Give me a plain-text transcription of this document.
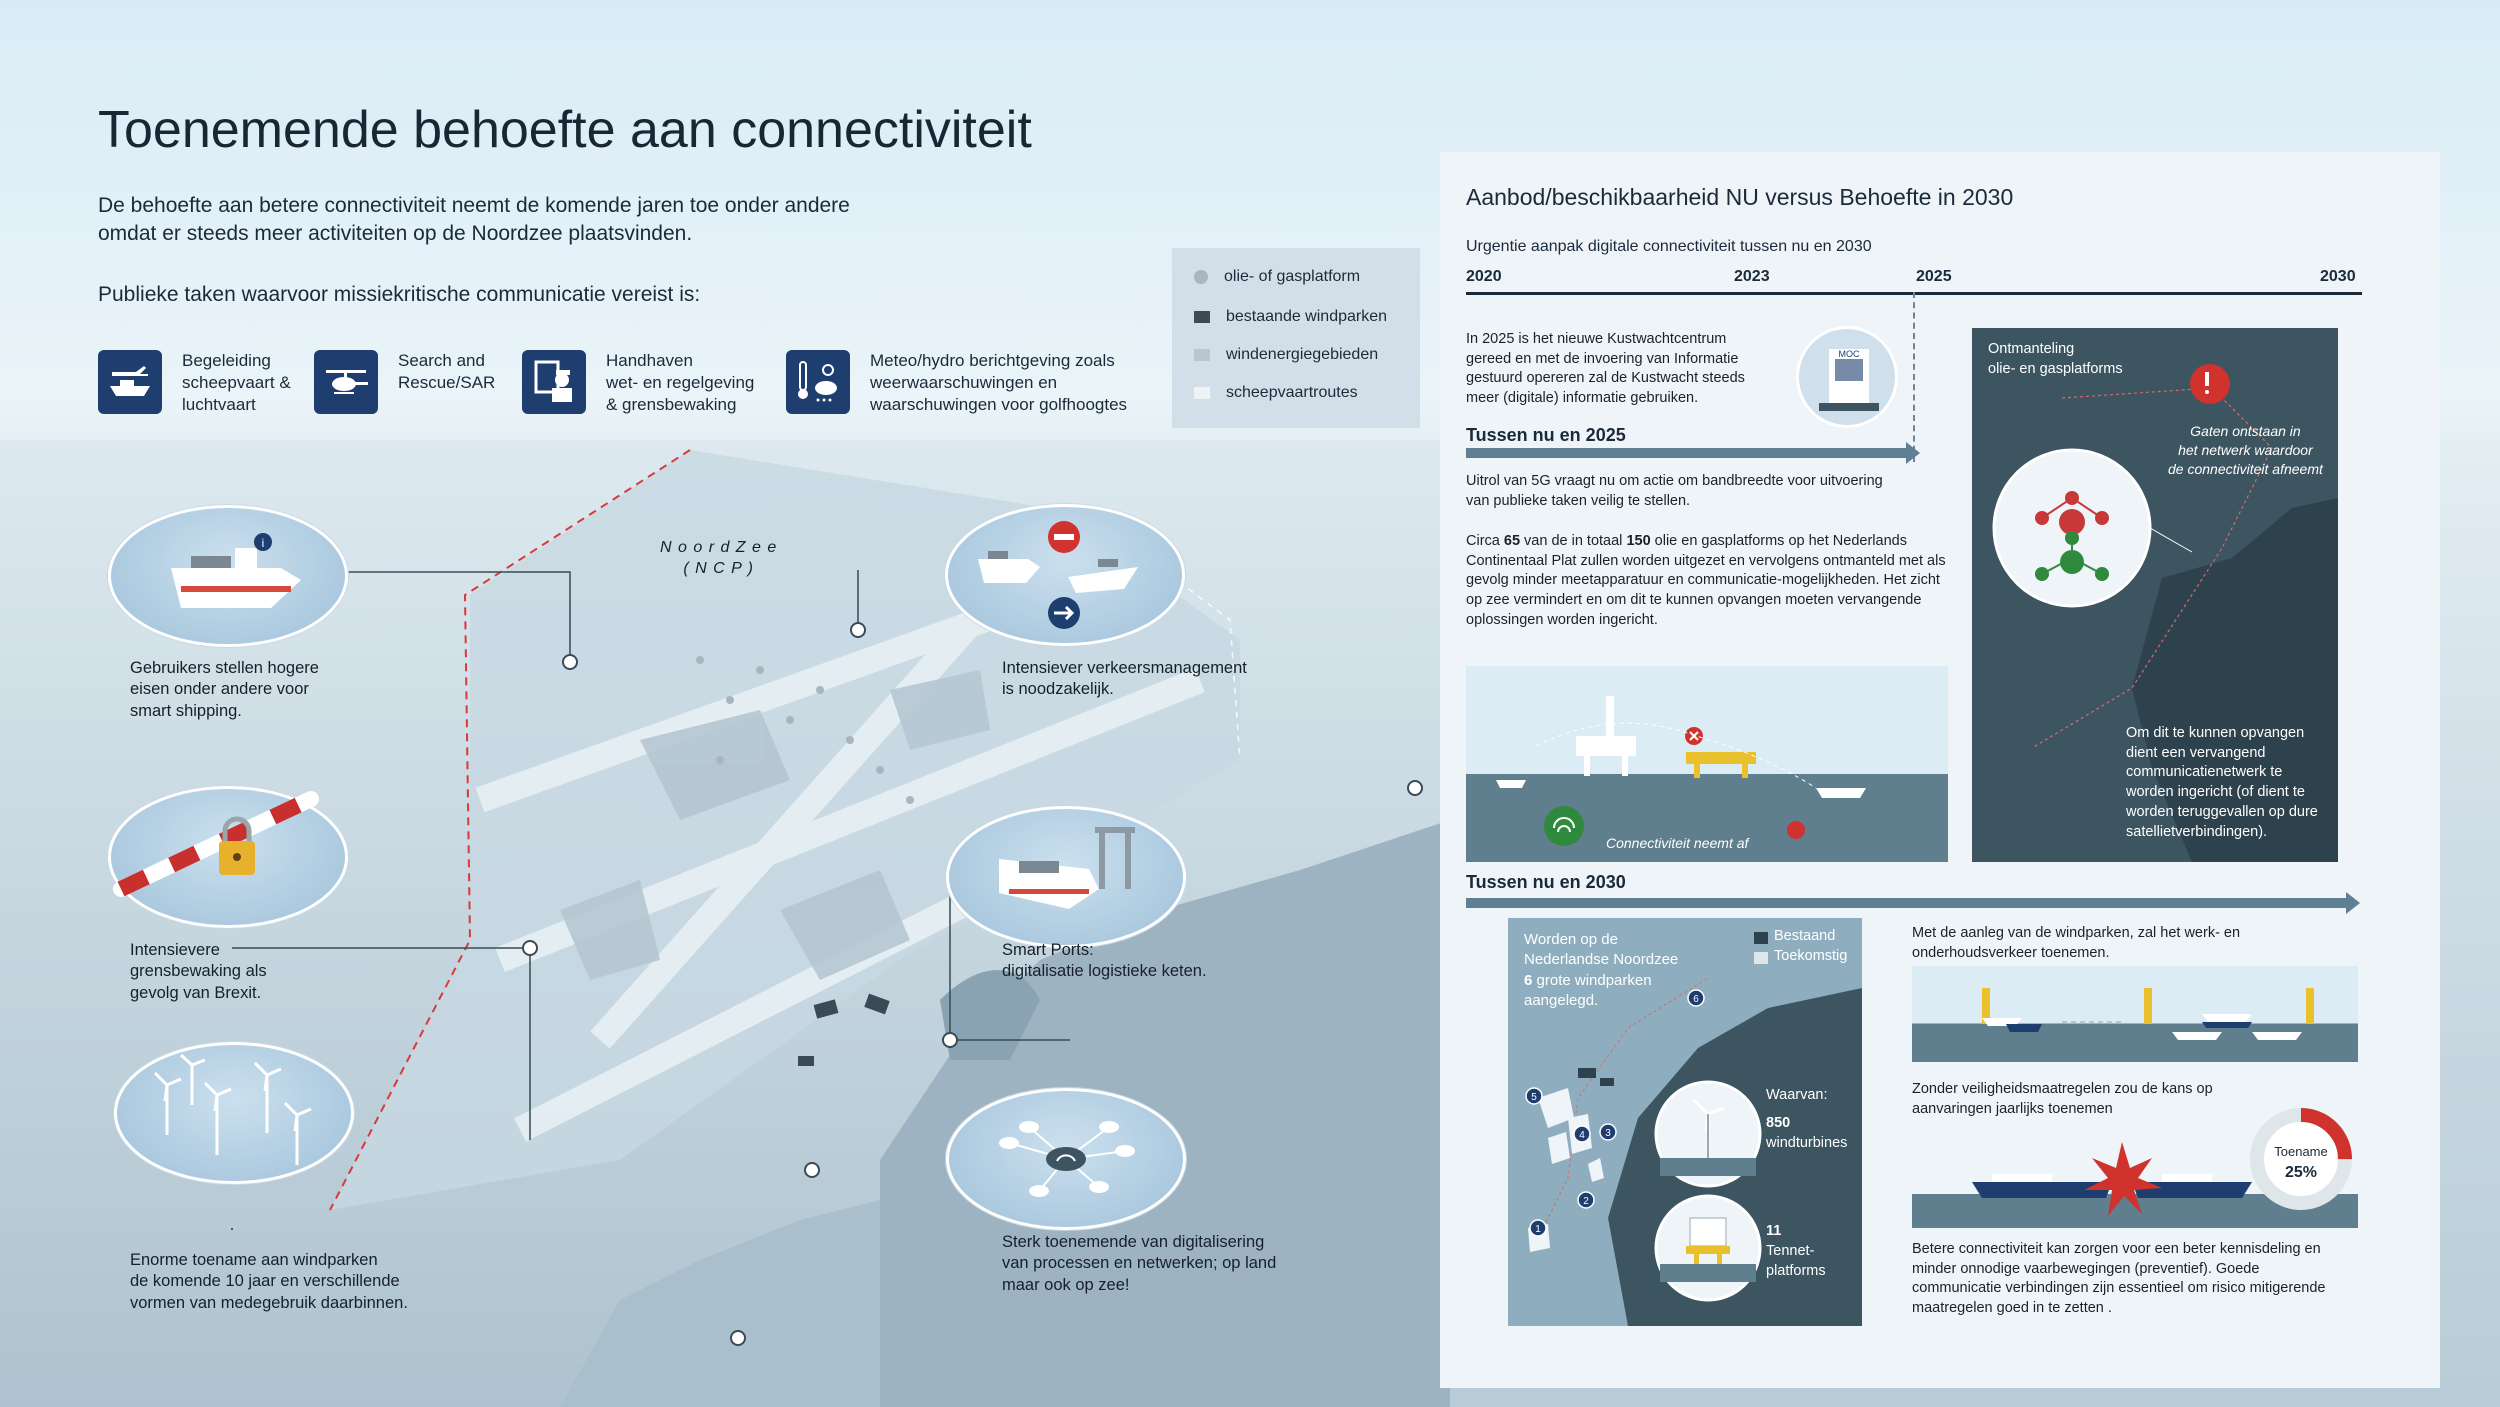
Toenemende behoefte aan connectiviteit

De behoefte aan betere connectiviteit neemt de komende jaren toe onder andere omdat er steeds meer activiteiten op de Noordzee plaatsvinden.

Publieke taken waarvoor missiekritische communicatie vereist is:

Begeleiding
scheepvaart &
luchtvaart
Search and
Rescue/SAR
Handhaven
wet- en regelgeving
& grensbewaking
Meteo/hydro berichtgeving zoals
weerwaarschuwingen en
waarschuwingen voor golfhoogtes
olie- of gasplatform
bestaande windparken
windenergiegebieden
scheepvaartroutes
N o o r d Z e e
( N C P )
i
Gebruikers stellen hogere
eisen onder andere voor
smart shipping.
Intensievere
grensbewaking als
gevolg van Brexit.
Enorme toename aan windparken
de komende 10 jaar en verschillende
vormen van medegebruik daarbinnen.
Intensiever verkeersmanagement
is noodzakelijk.
Smart Ports:
digitalisatie logistieke keten.
Sterk toenemende van digitalisering
van processen en netwerken; op land
maar ook op zee!
Aanbod/beschikbaarheid NU versus Behoefte in 2030
Urgentie aanpak digitale connectiviteit tussen nu en 2030
2020	2023	2025	2030
In 2025 is het nieuwe Kustwachtcentrum gereed en met de invoering van Informatie gestuurd opereren zal de Kustwacht steeds meer (digitale) informatie gebruiken.
MOC
Tussen nu en 2025
Uitrol van 5G vraagt nu om actie om bandbreedte voor uitvoering van publieke taken veilig te stellen.
Circa 65 van de in totaal 150 olie en gasplatforms op het Nederlands Continentaal Plat zullen worden uitgezet en vervolgens ontmanteld met als gevolg minder meetapparatuur en communicatie-mogelijkheden. Het zicht op zee vermindert en om dit te kunnen opvangen moeten vervangende oplossingen worden ingericht.
Connectiviteit neemt af
Ontmanteling
olie- en gasplatforms
Gaten ontstaan in
het netwerk waardoor
de connectiviteit afneemt
Om dit te kunnen opvangen dient een vervangend communicatienetwerk te worden ingericht (of dient te worden teruggevallen op dure satellietverbindingen).
Tussen nu en 2030
1
2
3
4
5
6
Worden op de
Nederlandse Noordzee
6 grote windparken
aangelegd.
Bestaand
Toekomstig
Waarvan:
850
windturbines
11
Tennet-
platforms
Met de aanleg van de windparken, zal het werk- en onderhoudsverkeer toenemen.
Zonder veiligheidsmaatregelen zou de kans op aanvaringen jaarlijks toenemen
Toename
25%
Betere connectiviteit kan zorgen voor een beter kennisdeling en minder onnodige vaarbewegingen (preventief). Goede communicatie verbindingen zijn essentieel om risico mitigerende maatregelen goed in te zetten .
